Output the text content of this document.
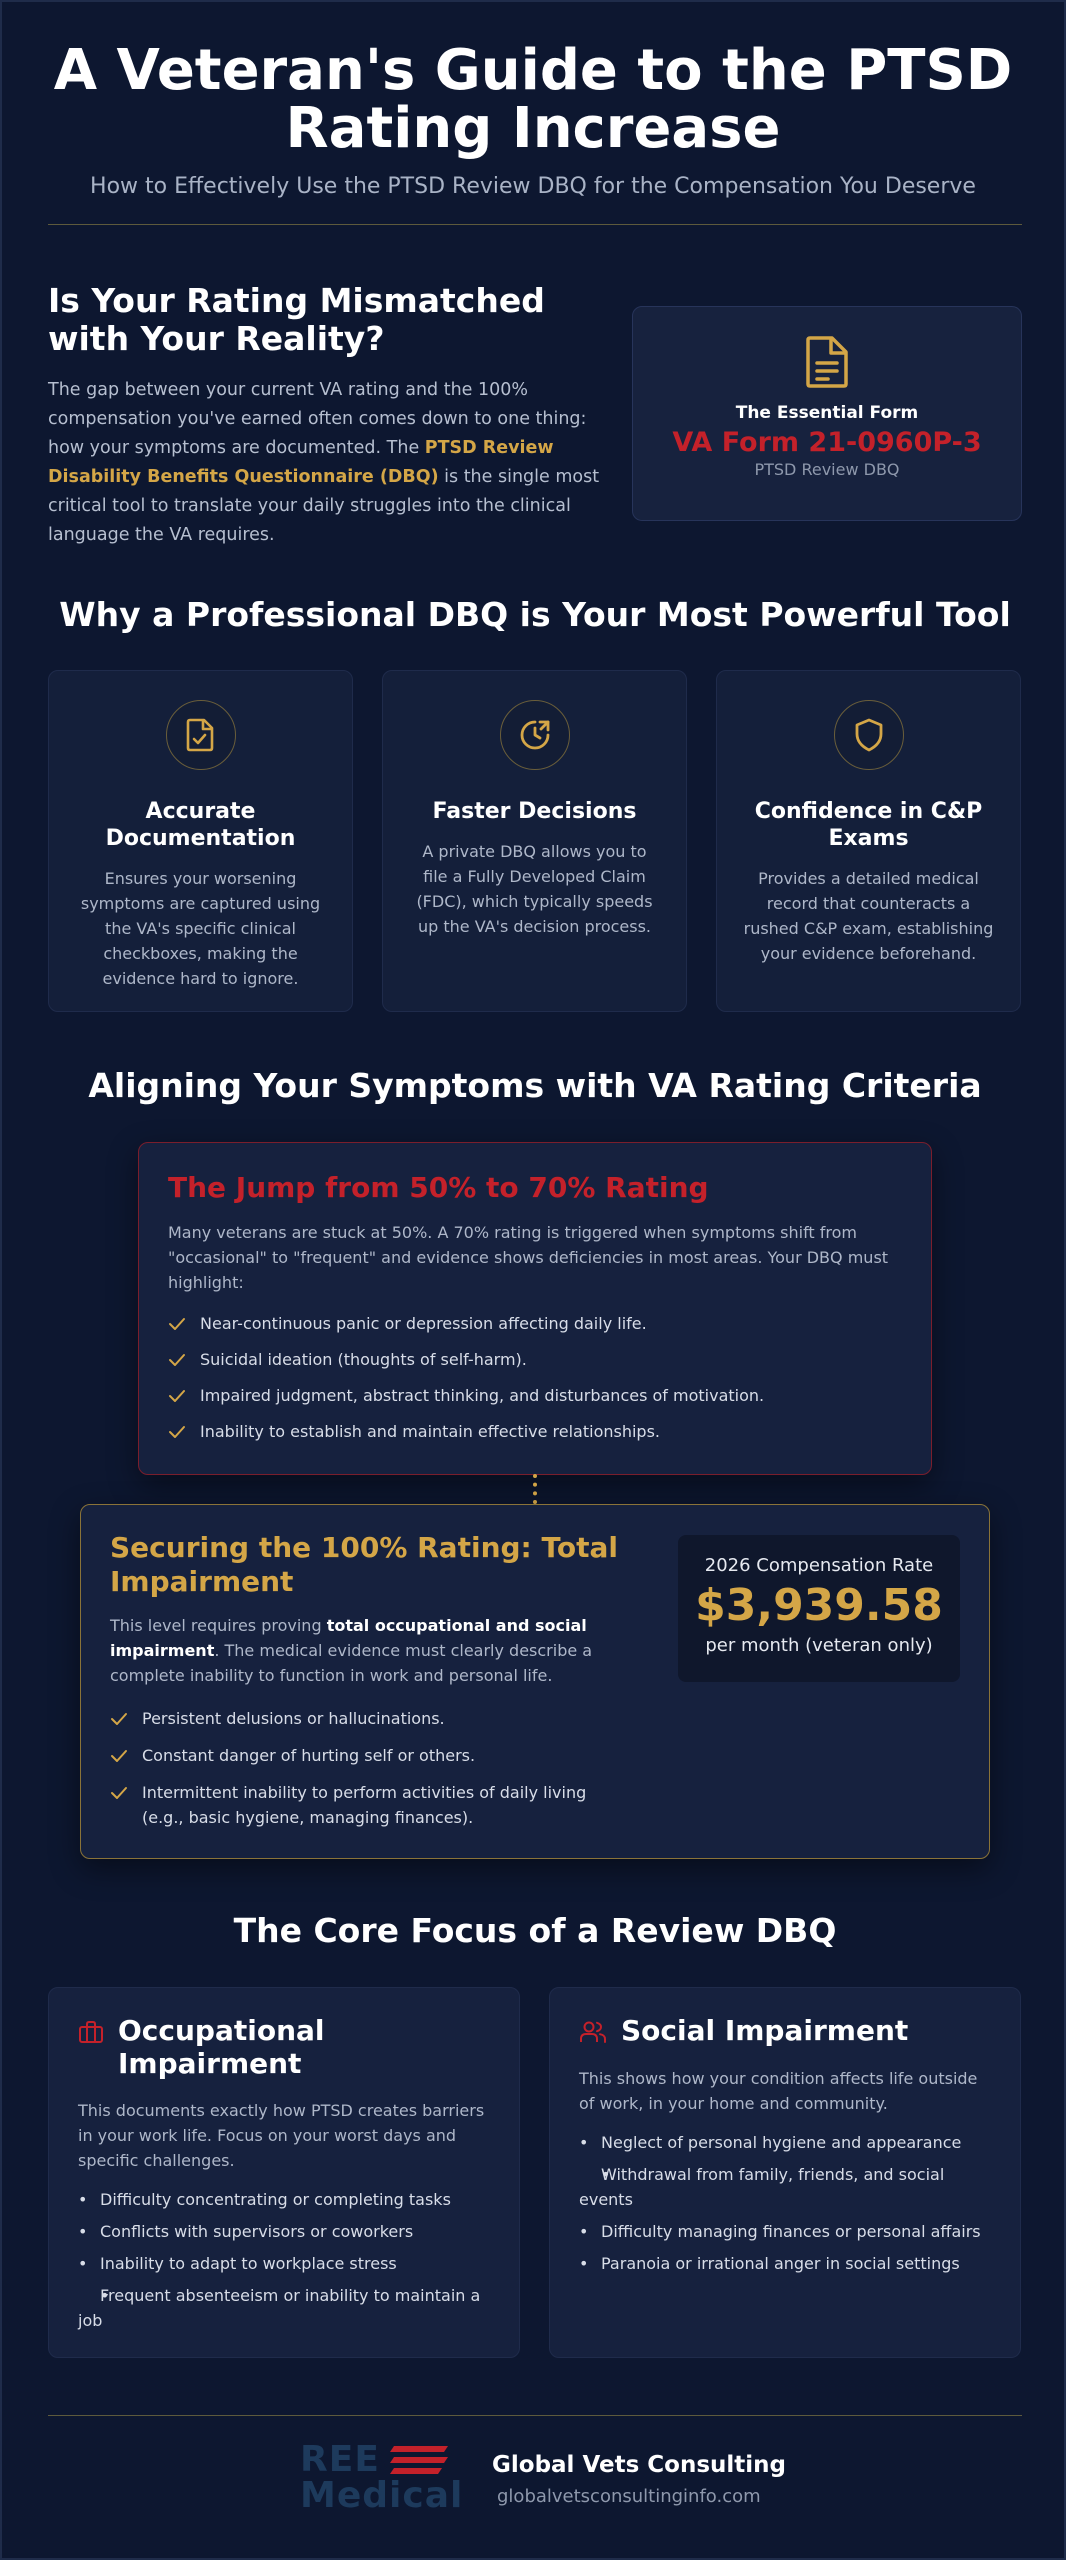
A Veteran's Guide to the PTSD Rating Increase
How to Effectively Use the PTSD Review DBQ for the Compensation You Deserve
Is Your Rating Mismatched with Your Reality?

The gap between your current VA rating and the 100% compensation you've earned often comes down to one thing: how your symptoms are documented. The PTSD Review Disability Benefits Questionnaire (DBQ) is the single most critical tool to translate your daily struggles into the clinical language the VA requires.

The Essential Form
VA Form 21-0960P-3
PTSD Review DBQ
Why a Professional DBQ is Your Most Powerful Tool
Accurate Documentation

Ensures your worsening symptoms are captured using the VA's specific clinical checkboxes, making the evidence hard to ignore.

Faster Decisions

A private DBQ allows you to file a Fully Developed Claim (FDC), which typically speeds up the VA's decision process.

Confidence in C&P Exams

Provides a detailed medical record that counteracts a rushed C&P exam, establishing your evidence beforehand.

Aligning Your Symptoms with VA Rating Criteria
The Jump from 50% to 70% Rating

Many veterans are stuck at 50%. A 70% rating is triggered when symptoms shift from "occasional" to "frequent" and evidence shows deficiencies in most areas. Your DBQ must highlight:

Near-continuous panic or depression affecting daily life.
Suicidal ideation (thoughts of self-harm).
Impaired judgment, abstract thinking, and disturbances of motivation.
Inability to establish and maintain effective relationships.
Securing the 100% Rating: Total Impairment

This level requires proving total occupational and social impairment. The medical evidence must clearly describe a complete inability to function in work and personal life.

Persistent delusions or hallucinations.
Constant danger of hurting self or others.
Intermittent inability to perform activities of daily living (e.g., basic hygiene, managing finances).
2026 Compensation Rate
$3,939.58
per month (veteran only)
The Core Focus of a Review DBQ
Occupational Impairment

This documents exactly how PTSD creates barriers in your work life. Focus on your worst days and specific challenges.

• Difficulty concentrating or completing tasks
• Conflicts with supervisors or coworkers
• Inability to adapt to workplace stress
• Frequent absenteeism or inability to maintain a job
Social Impairment

This shows how your condition affects life outside of work, in your home and community.

• Neglect of personal hygiene and appearance
• Withdrawal from family, friends, and social events
• Difficulty managing finances or personal affairs
• Paranoia or irrational anger in social settings
REE
Medical
Global Vets Consulting
globalvetsconsultinginfo.com
